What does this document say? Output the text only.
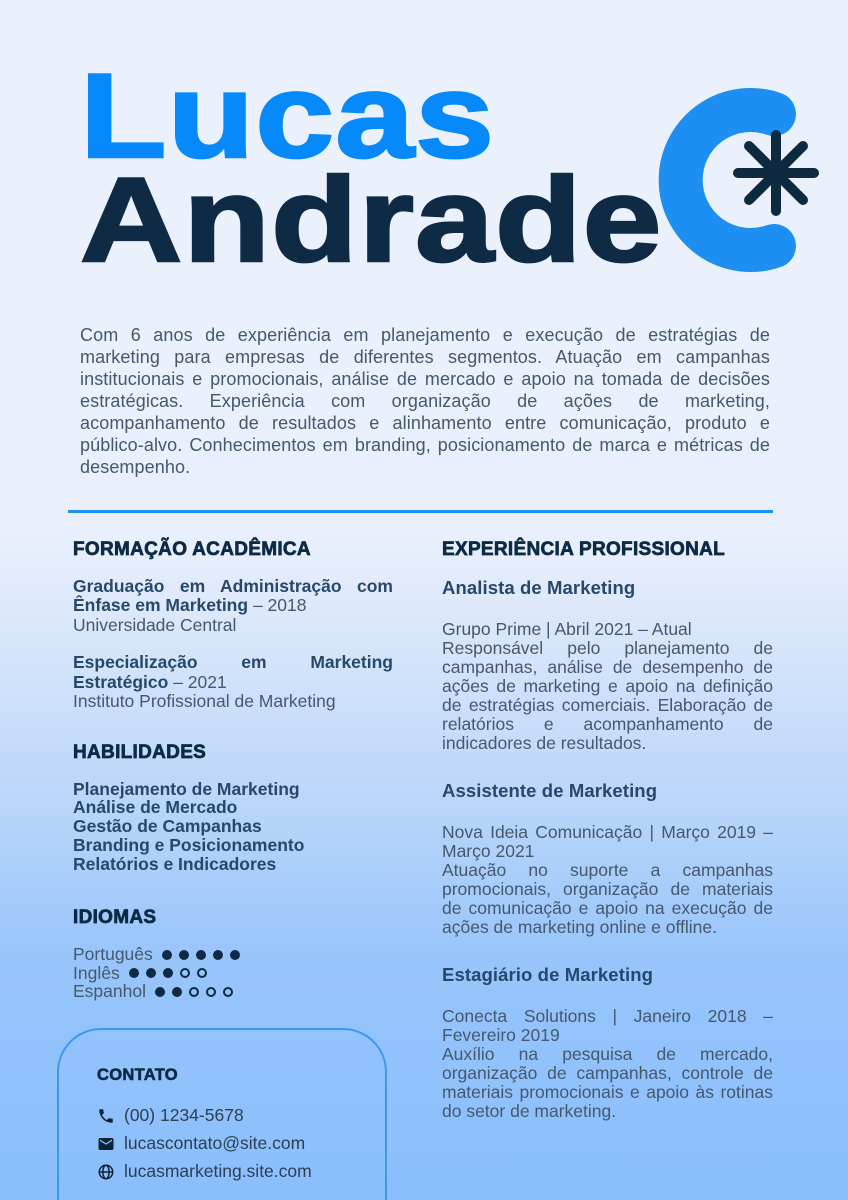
Lucas
Andrade

Com 6 anos de experiência em planejamento e execução de estratégias de marketing para empresas de diferentes segmentos. Atuação em campanhas institucionais e promocionais, análise de mercado e apoio na tomada de decisões estratégicas. Experiência com organização de ações de marketing, acompanhamento de resultados e alinhamento entre comunicação, produto e público-alvo. Conhecimentos em branding, posicionamento de marca e métricas de desempenho.

FORMAÇÃO ACADÊMICA

Graduação em Administração com Ênfase em Marketing – 2018

Universidade Central

Especialização em Marketing Estratégico – 2021

Instituto Profissional de Marketing

HABILIDADES

Planejamento de Marketing

Análise de Mercado

Gestão de Campanhas

Branding e Posicionamento

Relatórios e Indicadores

IDIOMAS
Português
Inglês
Espanhol
EXPERIÊNCIA PROFISSIONAL
Analista de Marketing

Grupo Prime | Abril 2021 – Atual

Responsável pelo planejamento de campanhas, análise de desempenho de ações de marketing e apoio na definição de estratégias comerciais. Elaboração de relatórios e acompanhamento de indicadores de resultados.

Assistente de Marketing

Nova Ideia Comunicação | Março 2019 – Março 2021

Atuação no suporte a campanhas promocionais, organização de materiais de comunicação e apoio na execução de ações de marketing online e offline.

Estagiário de Marketing

Conecta Solutions | Janeiro 2018 – Fevereiro 2019

Auxílio na pesquisa de mercado, organização de campanhas, controle de materiais promocionais e apoio às rotinas do setor de marketing.

CONTATO
(00) 1234-5678
lucascontato@site.com
lucasmarketing.site.com
